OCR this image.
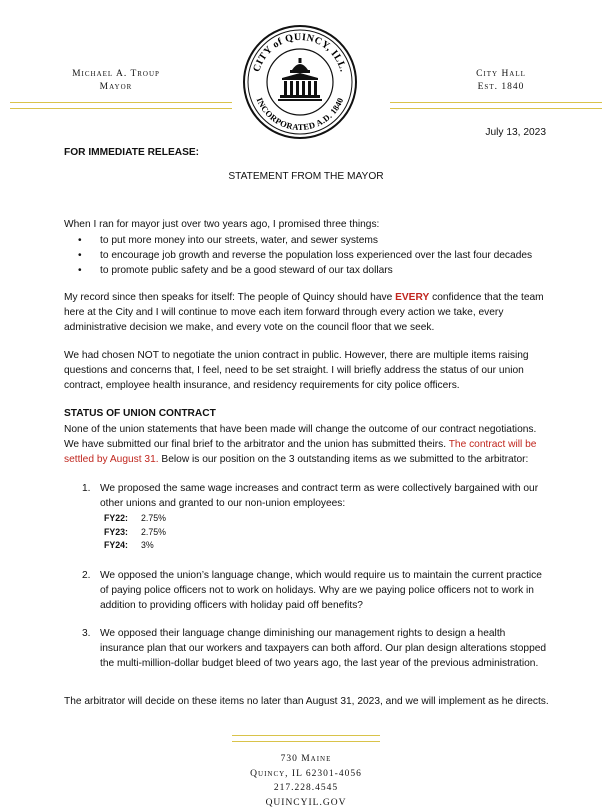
Michael A. Troup
Mayor
CITY of QUINCY, ILL.
INCORPORATED A.D. 1840
City Hall
Est. 1840
July 13, 2023
FOR IMMEDIATE RELEASE:
STATEMENT FROM THE MAYOR

When I ran for mayor just over two years ago, I promised three things:

• to put more money into our streets, water, and sewer systems
• to encourage job growth and reverse the population loss experienced over the last four decades
• to promote public safety and be a good steward of our tax dollars

My record since then speaks for itself: The people of Quincy should have EVERY confidence that the team here at the City and I will continue to move each item forward through every action we take, every administrative decision we make, and every vote on the council floor that we seek.

We had chosen NOT to negotiate the union contract in public. However, there are multiple items raising questions and concerns that, I feel, need to be set straight. I will briefly address the status of our union contract, employee health insurance, and residency requirements for city police officers.

STATUS OF UNION CONTRACT

None of the union statements that have been made will change the outcome of our contract negotiations. We have submitted our final brief to the arbitrator and the union has submitted theirs. The contract will be settled by August 31. Below is our position on the 3 outstanding items as we submitted to the arbitrator:

1. We proposed the same wage increases and contract term as were collectively bargained with our other unions and granted to our non-union employees:
FY22: 2.75%
FY23: 2.75%
FY24: 3%
2. We opposed the union’s language change, which would require us to maintain the current practice of paying police officers not to work on holidays. Why are we paying police officers not to work in addition to providing officers with holiday paid off benefits?
3. We opposed their language change diminishing our management rights to design a health insurance plan that our workers and taxpayers can both afford. Our plan design alterations stopped the multi-million-dollar budget bleed of two years ago, the last year of the previous administration.

The arbitrator will decide on these items no later than August 31, 2023, and we will implement as he directs.

730 Maine
Quincy, IL 62301-4056
217.228.4545
QUINCYIL.GOV
